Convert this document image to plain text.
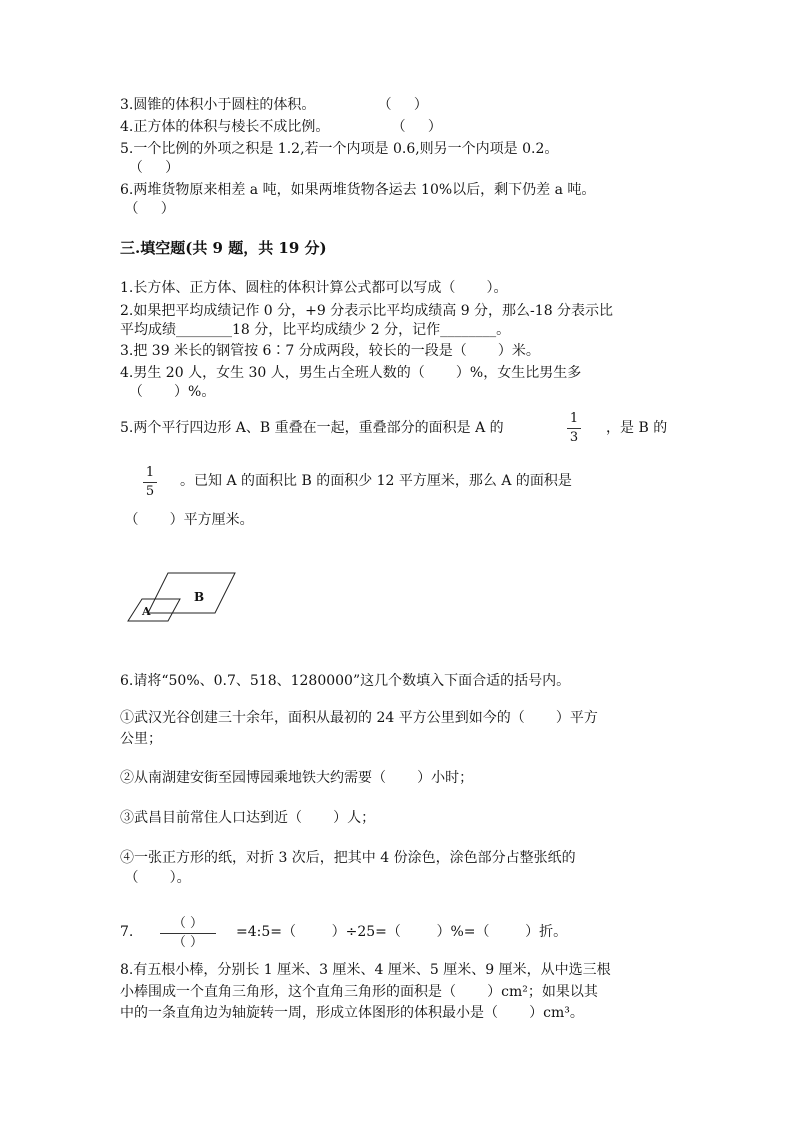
3.圆锥的体积小于圆柱的体积。              （     ）
4.正方体的体积与棱长不成比例。              （     ）
5.一个比例的外项之积是 1.2,若一个内项是 0.6,则另一个内项是 0.2。
（     ）
6.两堆货物原来相差 a 吨，如果两堆货物各运去 10%以后，剩下仍差 a 吨。
（     ）
三.填空题(共 9 题，共 19 分)
1.长方体、正方体、圆柱的体积计算公式都可以写成（       ）。
2.如果把平均成绩记作 0 分，+9 分表示比平均成绩高 9 分，那么-18 分表示比
平均成绩________18 分，比平均成绩少 2 分，记作________。
3.把 39 米长的钢管按 6∶7 分成两段，较长的一段是（       ）米。
4.男生 20 人，女生 30 人，男生占全班人数的（       ）%，女生比男生多
（       ）%。
5.两个平行四边形 A、B 重叠在一起，重叠部分的面积是 A 的
1
3
，是 B 的
1
5
。已知 A 的面积比 B 的面积少 12 平方厘米，那么 A 的面积是
（       ）平方厘米。
B
A
6.请将“50%、0.7、518、1280000”这几个数填入下面合适的括号内。
①武汉光谷创建三十余年，面积从最初的 24 平方公里到如今的（       ）平方
公里；
②从南湖建安街至园博园乘地铁大约需要（       ）小时；
③武昌目前常住人口达到近（       ）人；
④一张正方形的纸，对折 3 次后，把其中 4 份涂色，涂色部分占整张纸的
（       ）。
7.
（ ）
（ ）
=4:5=（        ）÷25=（        ）%=（        ）折。
8.有五根小棒，分别长 1 厘米、3 厘米、4 厘米、5 厘米、9 厘米，从中选三根
小棒围成一个直角三角形，这个直角三角形的面积是（       ）cm²；如果以其
中的一条直角边为轴旋转一周，形成立体图形的体积最小是（       ）cm³。
